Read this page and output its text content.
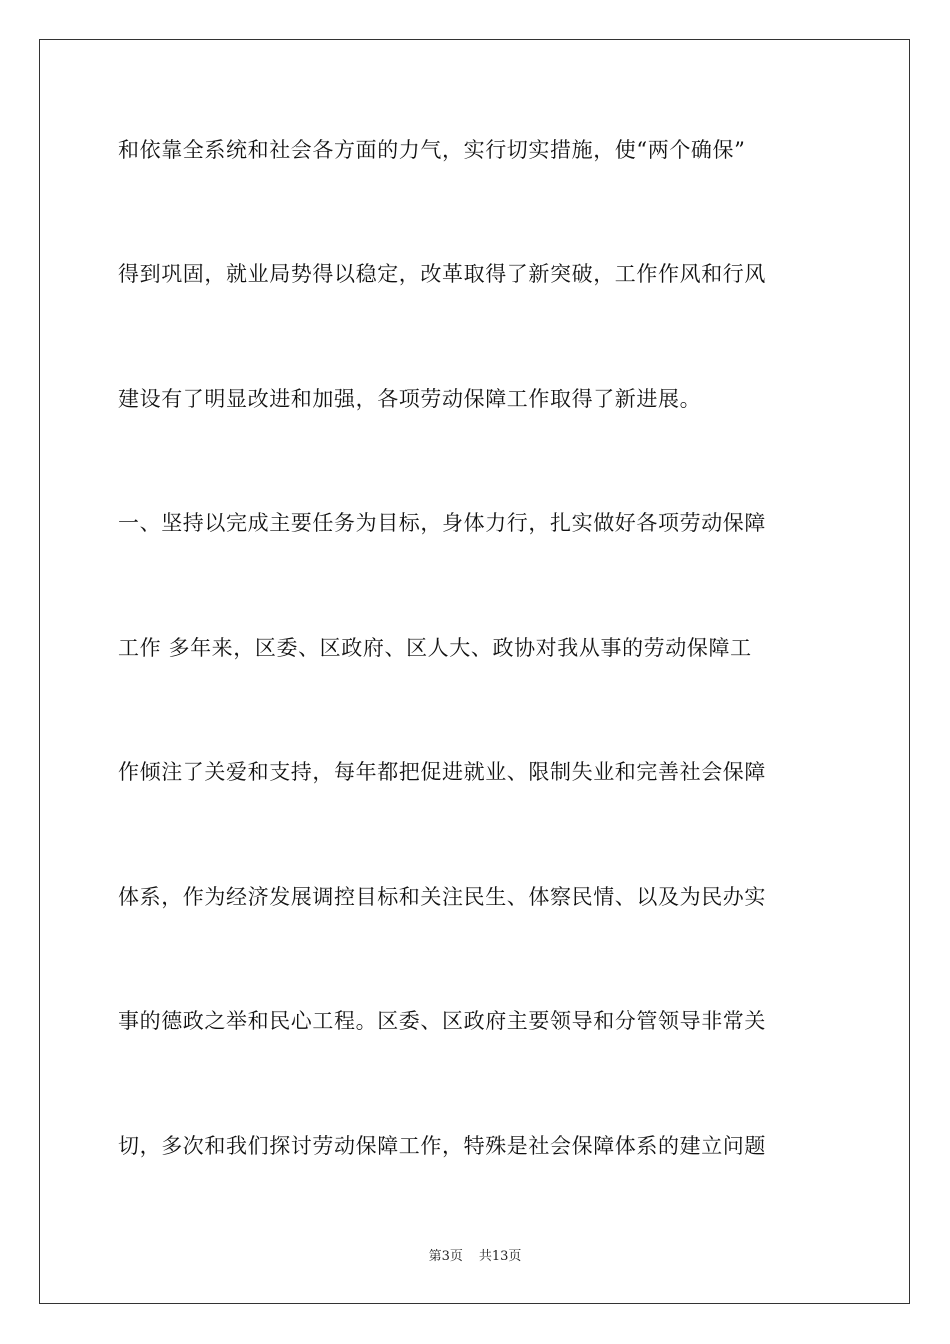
和依靠全系统和社会各方面的力气，实行切实措施，使“两个确保”
得到巩固，就业局势得以稳定，改革取得了新突破，工作作风和行风
建设有了明显改进和加强，各项劳动保障工作取得了新进展。
一、坚持以完成主要任务为目标，身体力行，扎实做好各项劳动保障
工作 多年来，区委、区政府、区人大、政协对我从事的劳动保障工
作倾注了关爱和支持，每年都把促进就业、限制失业和完善社会保障
体系，作为经济发展调控目标和关注民生、体察民情、以及为民办实
事的德政之举和民心工程。区委、区政府主要领导和分管领导非常关
切，多次和我们探讨劳动保障工作，特殊是社会保障体系的建立问题
第3页 共13页
